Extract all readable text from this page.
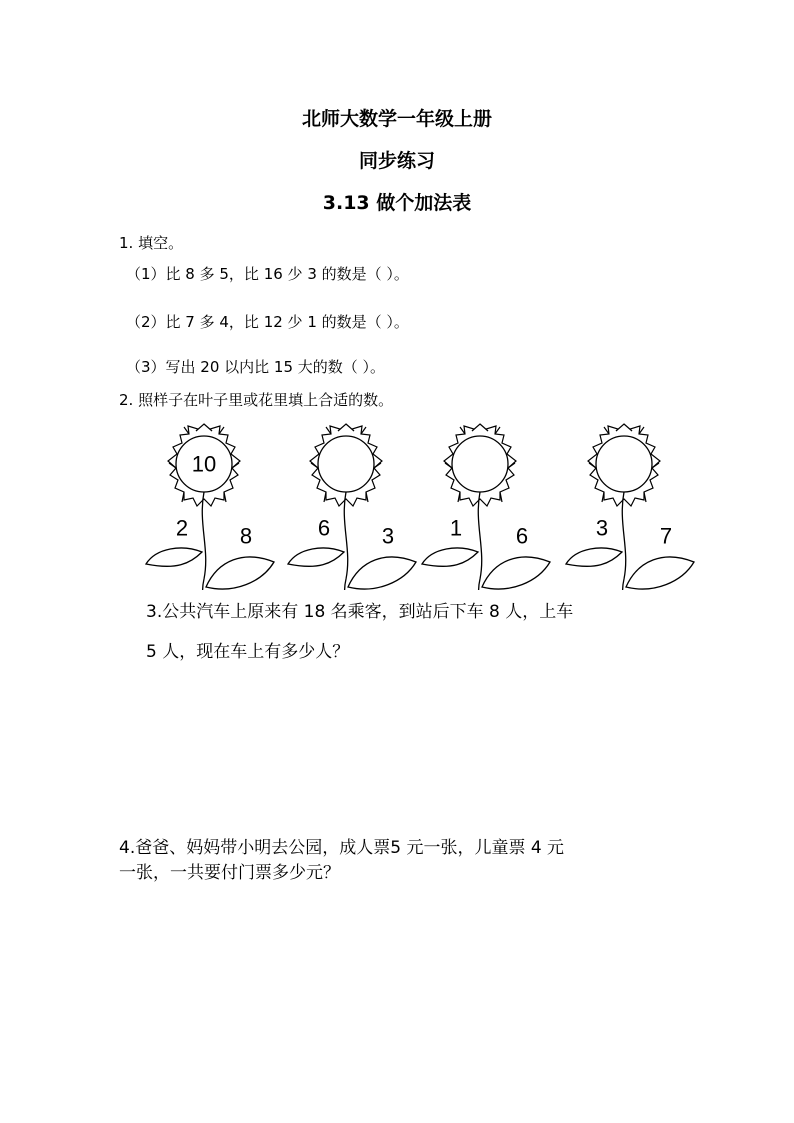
北师大数学一年级上册
同步练习
3.13 做个加法表
1. 填空。
（1）比 8 多 5，比 16 少 3 的数是（ ）。
（2）比 7 多 4，比 12 少 1 的数是（ ）。
（3）写出 20 以内比 15 大的数（ ）。
2. 照样子在叶子里或花里填上合适的数。
10
2 8	6 3	1 6	3 7
3.公共汽车上原来有 18 名乘客，到站后下车 8 人，上车
5 人，现在车上有多少人？
4.爸爸、妈妈带小明去公园，成人票5 元一张，儿童票 4 元
一张，一共要付门票多少元？
